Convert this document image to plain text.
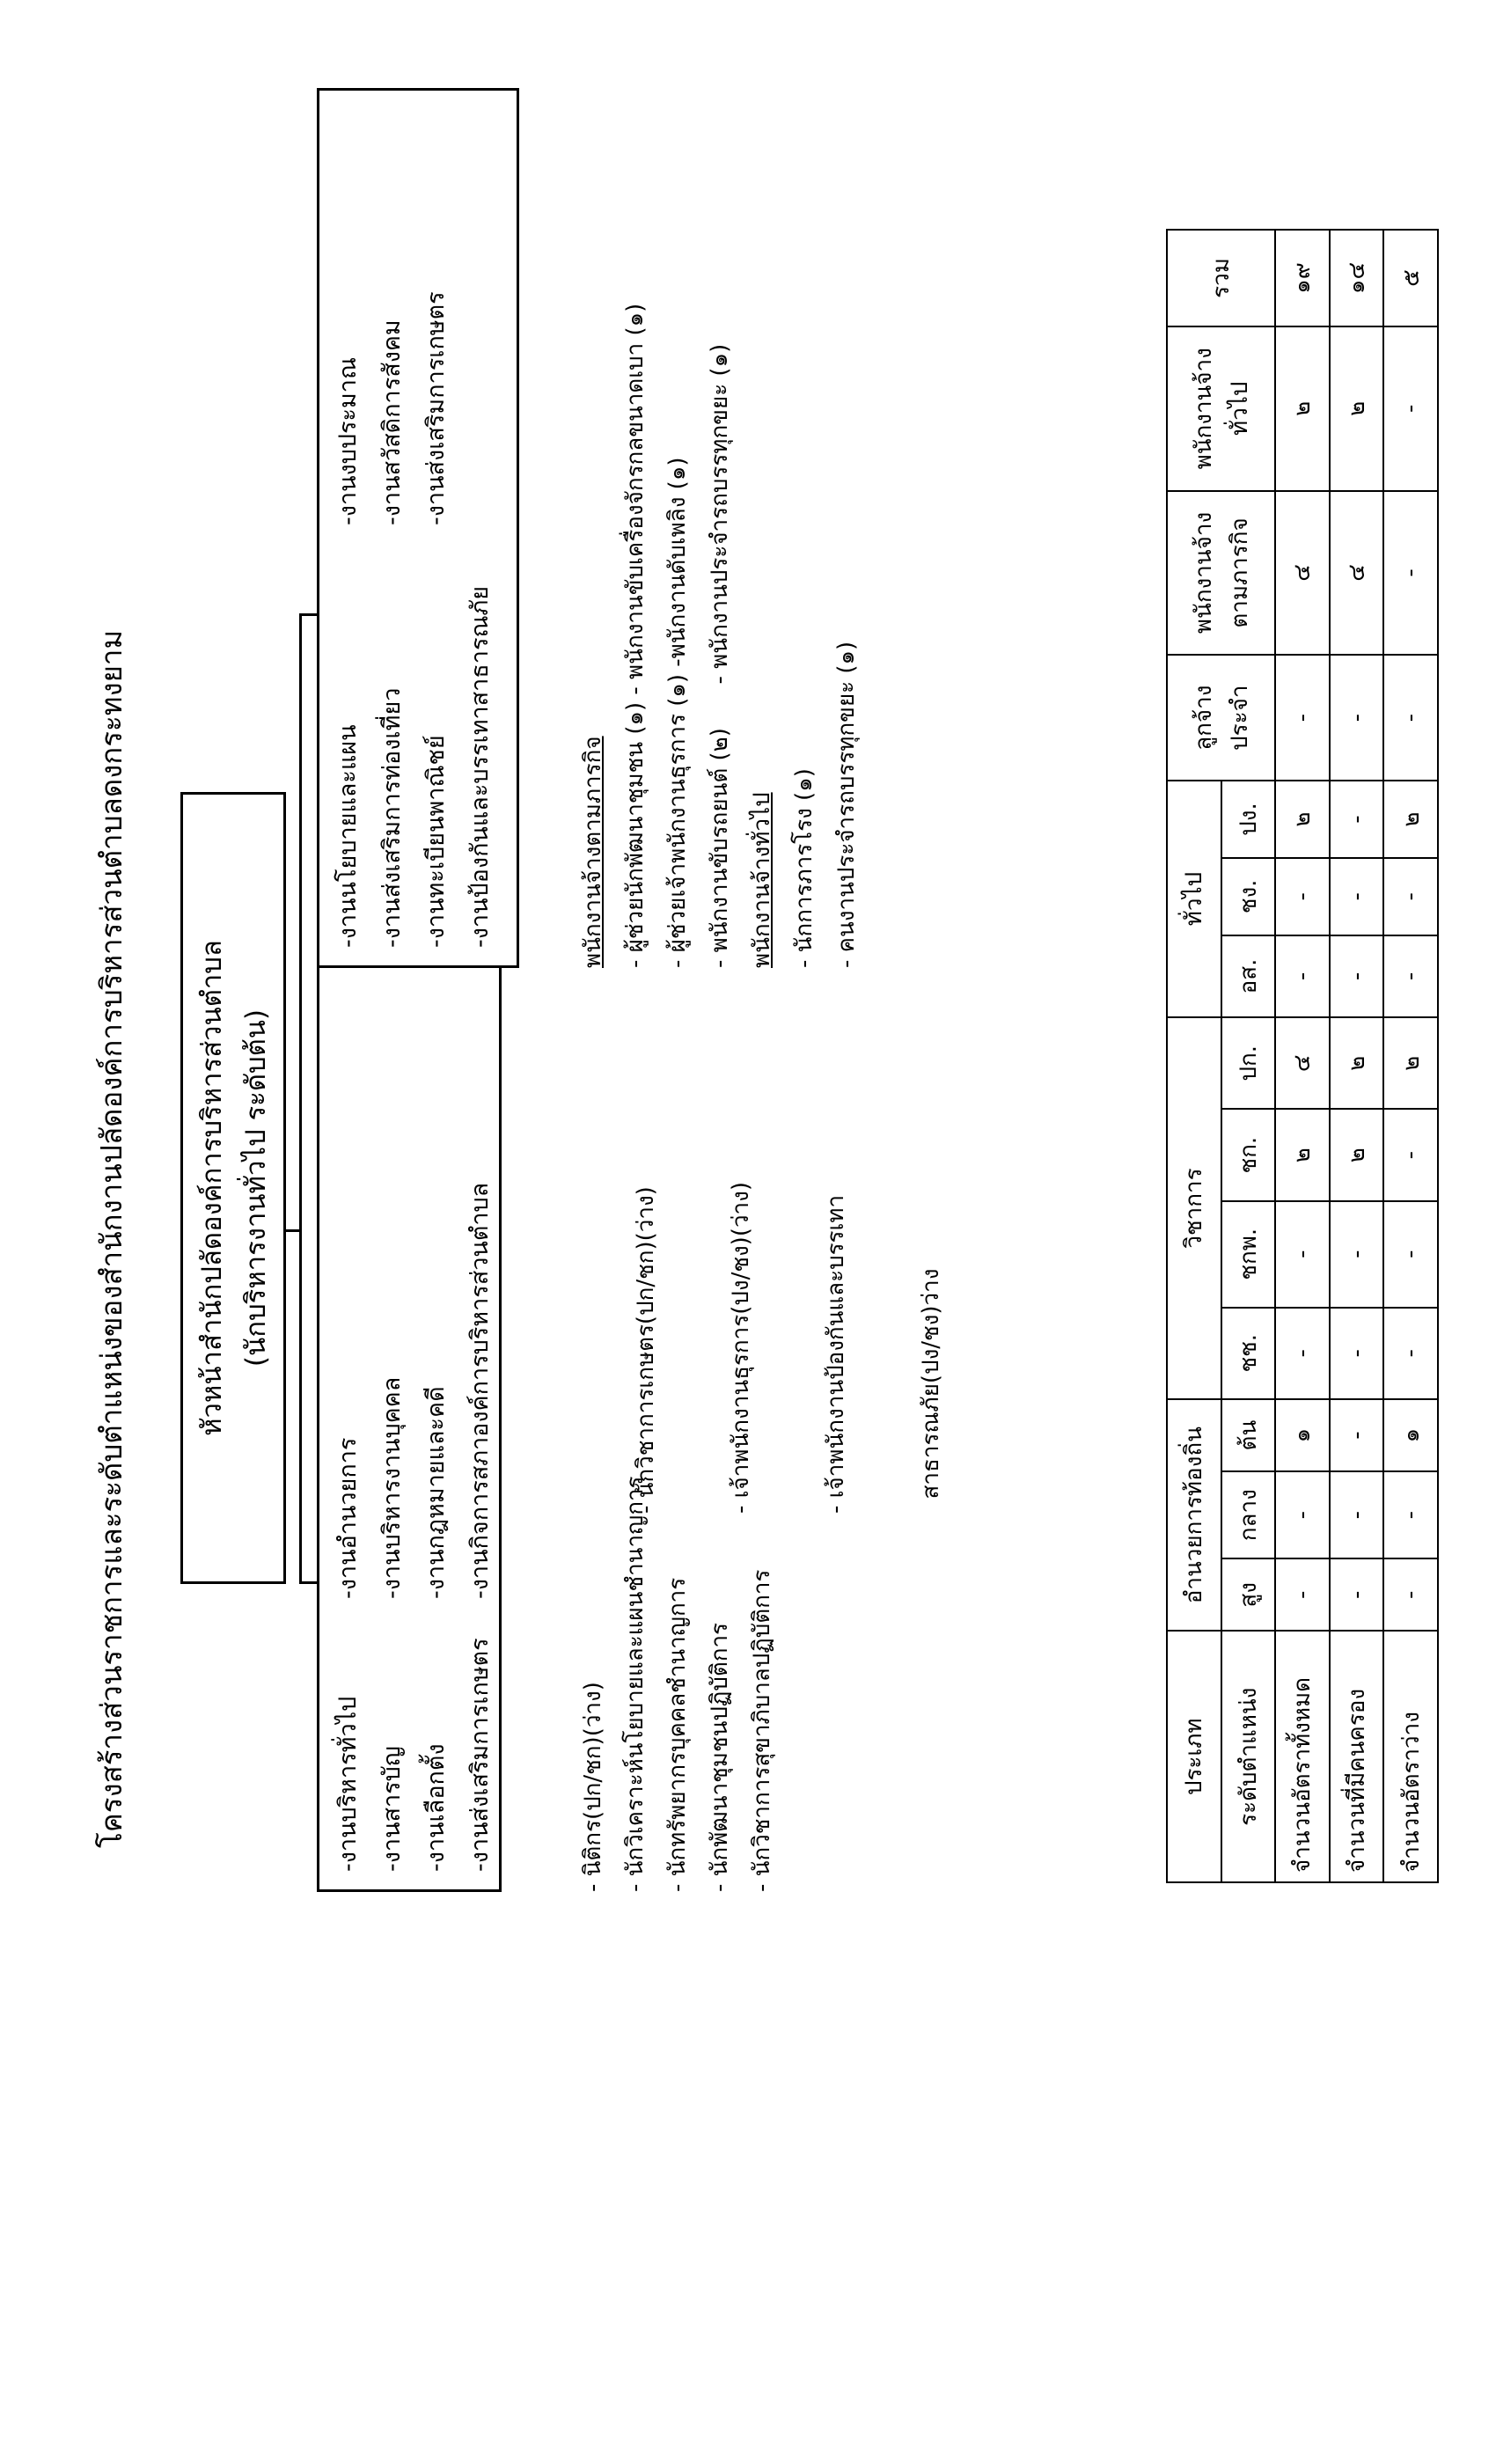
โครงสร้างส่วนราชการและระดับตำแหน่งของสำนักงานปลัดองค์การบริหารส่วนตำบลดงกระทงยาม หัวหน้าสำนักปลัดองค์การบริหารส่วนตำบล (นักบริหารงานทั่วไป ระดับต้น)
-งานบริหารทั่วไป -งานสารบัญ -งานเลือกตั้ง -งานส่งเสริมการเกษตร
-งานอำนวยการ -งานบริหารงานบุคคล -งานกฎหมายและคดี -งานกิจการสภาองค์การบริหารส่วนตำบล
-งานนโยบายและแผน -งานส่งเสริมการท่องเที่ยว -งานทะเบียนพาณิชย์ -งานป้องกันและบรรเทาสาธารณภัย
-งานงบประมาณ -งานสวัสดิการสังคม -งานส่งเสริมการเกษตร
- นิติกร(ปก/ชก)(ว่าง) - นักวิเคราะห์นโยบายและแผนชำนาญการ - นักทรัพยากรบุคคลชำนาญการ - นักพัฒนาชุมชนปฏิบัติการ - นักวิชาการสุขาภิบาลปฏิบัติการ

- นักวิชาการเกษตร(ปก/ชก)(ว่าง)

	- เจ้าพนักงานธุรการ(ปง/ชง)(ว่าง)

	- เจ้าพนักงานป้องกันและบรรเทา

	สาธารณภัย(ปง/ชง)ว่าง

พนักงานจ้างตามภารกิจ - ผู้ช่วยนักพัฒนาชุมชน (๑) - พนักงานขับเครื่องจักรกลขนาดเบา (๑) - ผู้ช่วยเจ้าพนักงานธุรการ (๑) -พนักงานดับเพลิง (๑) - พนักงานขับรถยนต์ (๒)      - พนักงานประจำรถบรรทุกขยะ (๑) พนักงานจ้างทั่วไป - นักการภารโรง (๑) - คนงานประจำรถบรรทุกขยะ (๑)
ประเภท	อำนวยการท้องถิ่น			วิชาการ				ทั่วไป			ลูกจ้างประจำ	พนักงานจ้างตามภารกิจ	พนักงานจ้างทั่วไป	รวม
ระดับตำแหน่ง	สูง	กลาง	ต้น	ชช.	ชกพ.	ชก.	ปก.	อส.	ชง.	ปง.				
จำนวนอัตราทั้งหมด	-	-	๑	-	-	๒	๔	-	-	๒	-	๔	๒	๑๙
จำนวนที่มีคนครอง	-	-	-	-	-	๒	๒	-	-	-	-	๔	๒	๑๔
จำนวนอัตราว่าง	-	-	๑	-	-	-	๒	-	-	๒	-	-	-	๕
